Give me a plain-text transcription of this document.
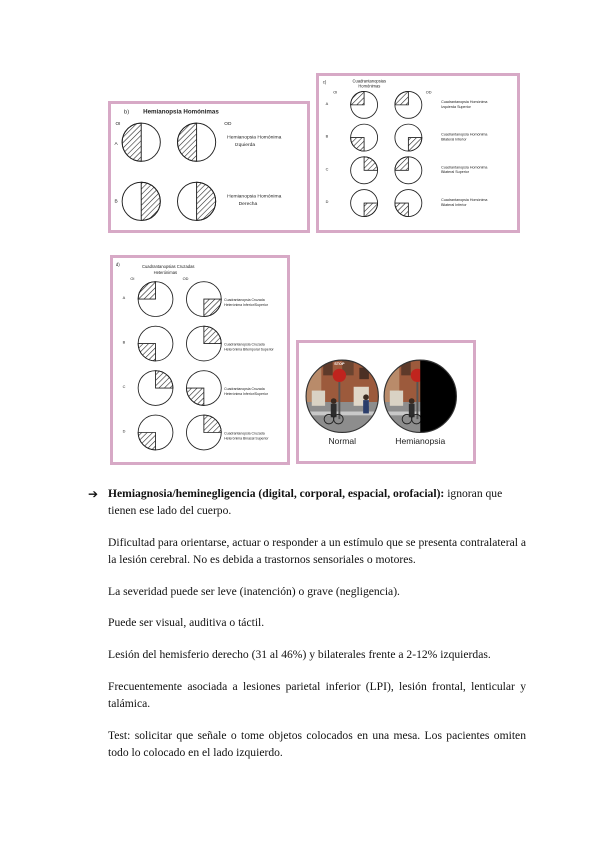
b) Hemianopsia Homónimas
OI	OD
A
B
Hemianopsia Homónima
Izquierda
Hemianopsia Homónima
Derecha
c)	Cuadrantanopsias
Homónimas
OI	OD
A
B
C
D
Cuadrantanopsia Homónima
Izquierda Superior
Cuadrantanopsia Homónima
Bilateral Inferior
Cuadrantanopsia Homónima
Bilateral Superior
Cuadrantanopsia Homónima
Bilateral Inferior
d)	Cuadrantanopsias Cruzadas
Heterónimas
OI	OD
A
B
C
D
Cuadrantanopsia Cruzada
Heterónima Inferior/Superior
Cuadrantanopsia Cruzada
Heterónima Bitemporal Superior
Cuadrantanopsia Cruzada
Heterónima Inferior/Superior
Cuadrantanopsia Cruzada
Heterónima Binasal Superior
STOP
Normal	Hemianopsia
➔ Hemiagnosia/heminegligencia (digital, corporal, espacial, orofacial): ignoran que
tienen ese lado del cuerpo.

Dificultad para orientarse, actuar o responder a un estímulo que se presenta contralateral a la lesión cerebral. No es debida a trastornos sensoriales o motores.

La severidad puede ser leve (inatención) o grave (negligencia).

Puede ser visual, auditiva o táctil.

Lesión del hemisferio derecho (31 al 46%) y bilaterales frente a 2-12% izquierdas.

Frecuentemente asociada a lesiones parietal inferior (LPI), lesión frontal, lenticular y talámica.

Test: solicitar que señale o tome objetos colocados en una mesa. Los pacientes omiten todo lo colocado en el lado izquierdo.
